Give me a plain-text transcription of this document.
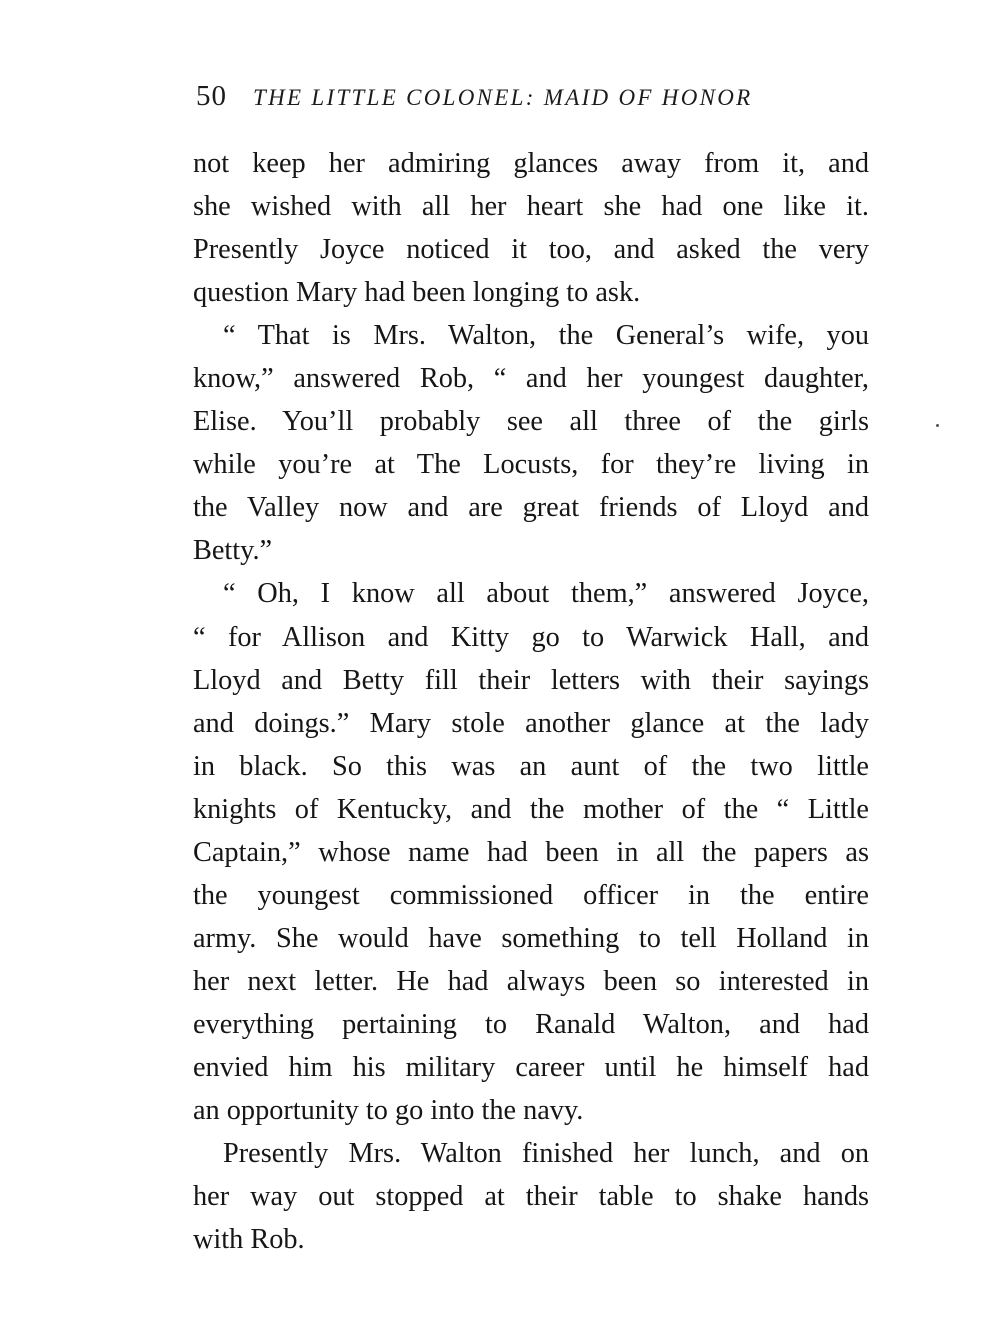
50 THE LITTLE COLONEL: MAID OF HONOR
not keep her admiring glances away from it, and
she wished with all her heart she had one like it.
Presently Joyce noticed it too, and asked the very
question Mary had been longing to ask.
“ That is Mrs. Walton, the General’s wife, you
know,” answered Rob, “ and her youngest daughter,
Elise. You’ll probably see all three of the girls
while you’re at The Locusts, for they’re living in
the Valley now and are great friends of Lloyd and
Betty.”
“ Oh, I know all about them,” answered Joyce,
“ for Allison and Kitty go to Warwick Hall, and
Lloyd and Betty fill their letters with their sayings
and doings.” Mary stole another glance at the lady
in black. So this was an aunt of the two little
knights of Kentucky, and the mother of the “ Little
Captain,” whose name had been in all the papers as
the youngest commissioned officer in the entire
army. She would have something to tell Holland in
her next letter. He had always been so interested in
everything pertaining to Ranald Walton, and had
envied him his military career until he himself had
an opportunity to go into the navy.
Presently Mrs. Walton finished her lunch, and on
her way out stopped at their table to shake hands
with Rob.
